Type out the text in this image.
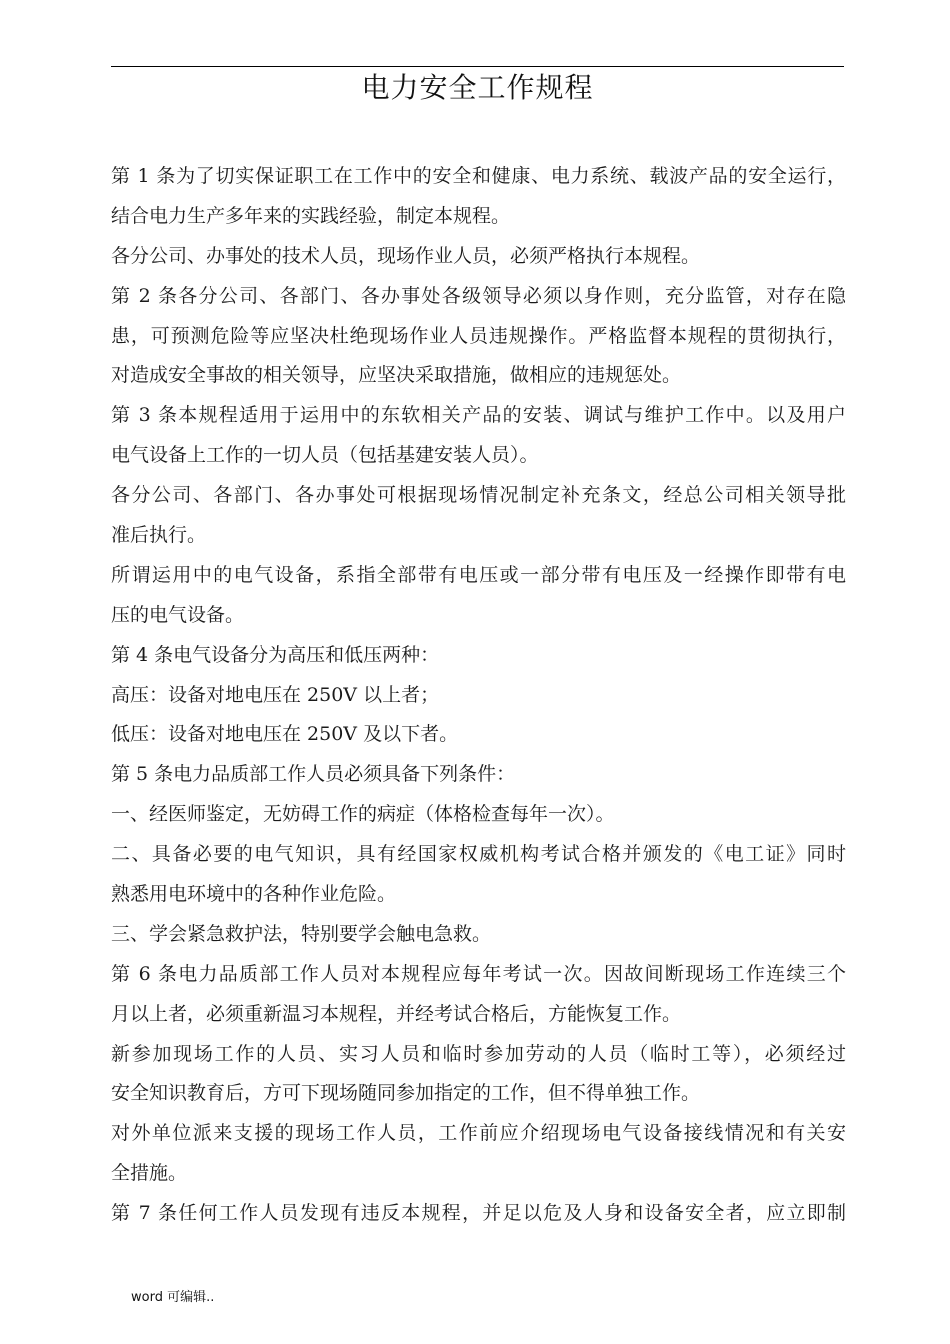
电力安全工作规程
第 1 条为了切实保证职工在工作中的安全和健康、电力系统、载波产品的安全运行，
结合电力生产多年来的实践经验，制定本规程。
各分公司、办事处的技术人员，现场作业人员，必须严格执行本规程。
第 2 条各分公司、各部门、各办事处各级领导必须以身作则，充分监管，对存在隐
患，可预测危险等应坚决杜绝现场作业人员违规操作。严格监督本规程的贯彻执行，
对造成安全事故的相关领导，应坚决采取措施，做相应的违规惩处。
第 3 条本规程适用于运用中的东软相关产品的安装、调试与维护工作中。以及用户
电气设备上工作的一切人员（包括基建安装人员）。
各分公司、各部门、各办事处可根据现场情况制定补充条文，经总公司相关领导批
准后执行。
所谓运用中的电气设备，系指全部带有电压或一部分带有电压及一经操作即带有电
压的电气设备。
第 4 条电气设备分为高压和低压两种：
高压：设备对地电压在 250V 以上者；
低压：设备对地电压在 250V 及以下者。
第 5 条电力品质部工作人员必须具备下列条件：
一、经医师鉴定，无妨碍工作的病症（体格检查每年一次）。
二、具备必要的电气知识，具有经国家权威机构考试合格并颁发的《电工证》同时
熟悉用电环境中的各种作业危险。
三、学会紧急救护法，特别要学会触电急救。
第 6 条电力品质部工作人员对本规程应每年考试一次。因故间断现场工作连续三个
月以上者，必须重新温习本规程，并经考试合格后，方能恢复工作。
新参加现场工作的人员、实习人员和临时参加劳动的人员（临时工等），必须经过
安全知识教育后，方可下现场随同参加指定的工作，但不得单独工作。
对外单位派来支援的现场工作人员，工作前应介绍现场电气设备接线情况和有关安
全措施。
第 7 条任何工作人员发现有违反本规程，并足以危及人身和设备安全者，应立即制
word 可编辑..
